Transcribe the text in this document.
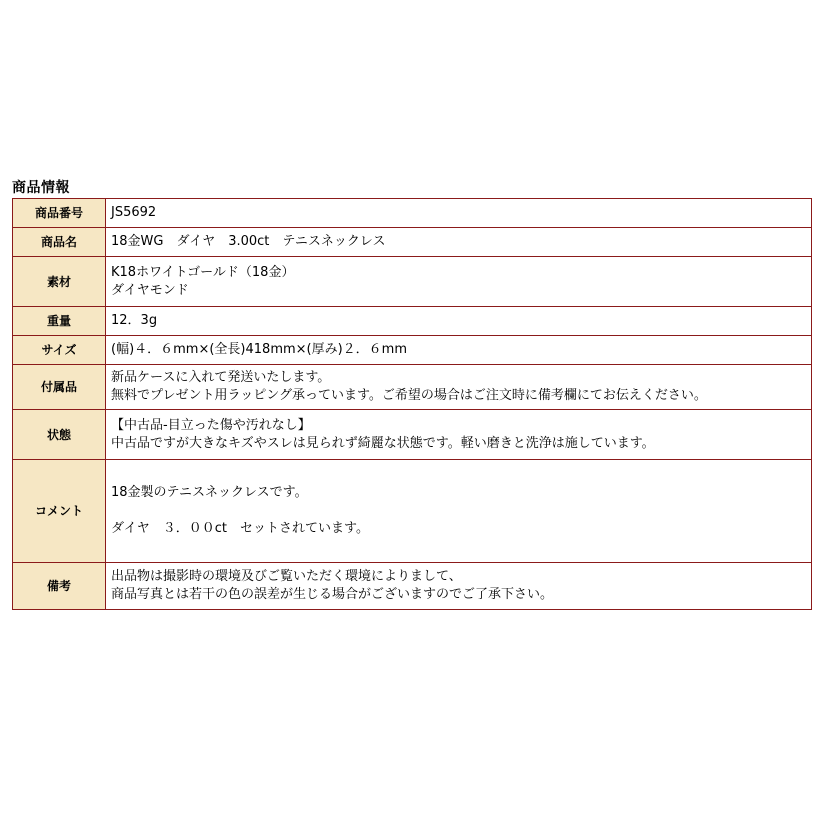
商品情報
商品番号	JS5692

商品名	18金WG　ダイヤ　3.00ct　テニスネックレス

素材	K18ホワイトゴールド（18金）
ダイヤモンド

重量	12．3g

サイズ	(幅)４．６mm×(全長)418mm×(厚み)２．６mm

付属品	新品ケースに入れて発送いたします。
無料でプレゼント用ラッピング承っています。ご希望の場合はご注文時に備考欄にてお伝えください。

状態	【中古品-目立った傷や汚れなし】
中古品ですが大きなキズやスレは見られず綺麗な状態です。軽い磨きと洗浄は施しています。

コメント	18金製のテニスネックレスです。
ダイヤ　３．００ct　セットされています。

備考	出品物は撮影時の環境及びご覧いただく環境によりまして、
商品写真とは若干の色の誤差が生じる場合がございますのでご了承下さい。
